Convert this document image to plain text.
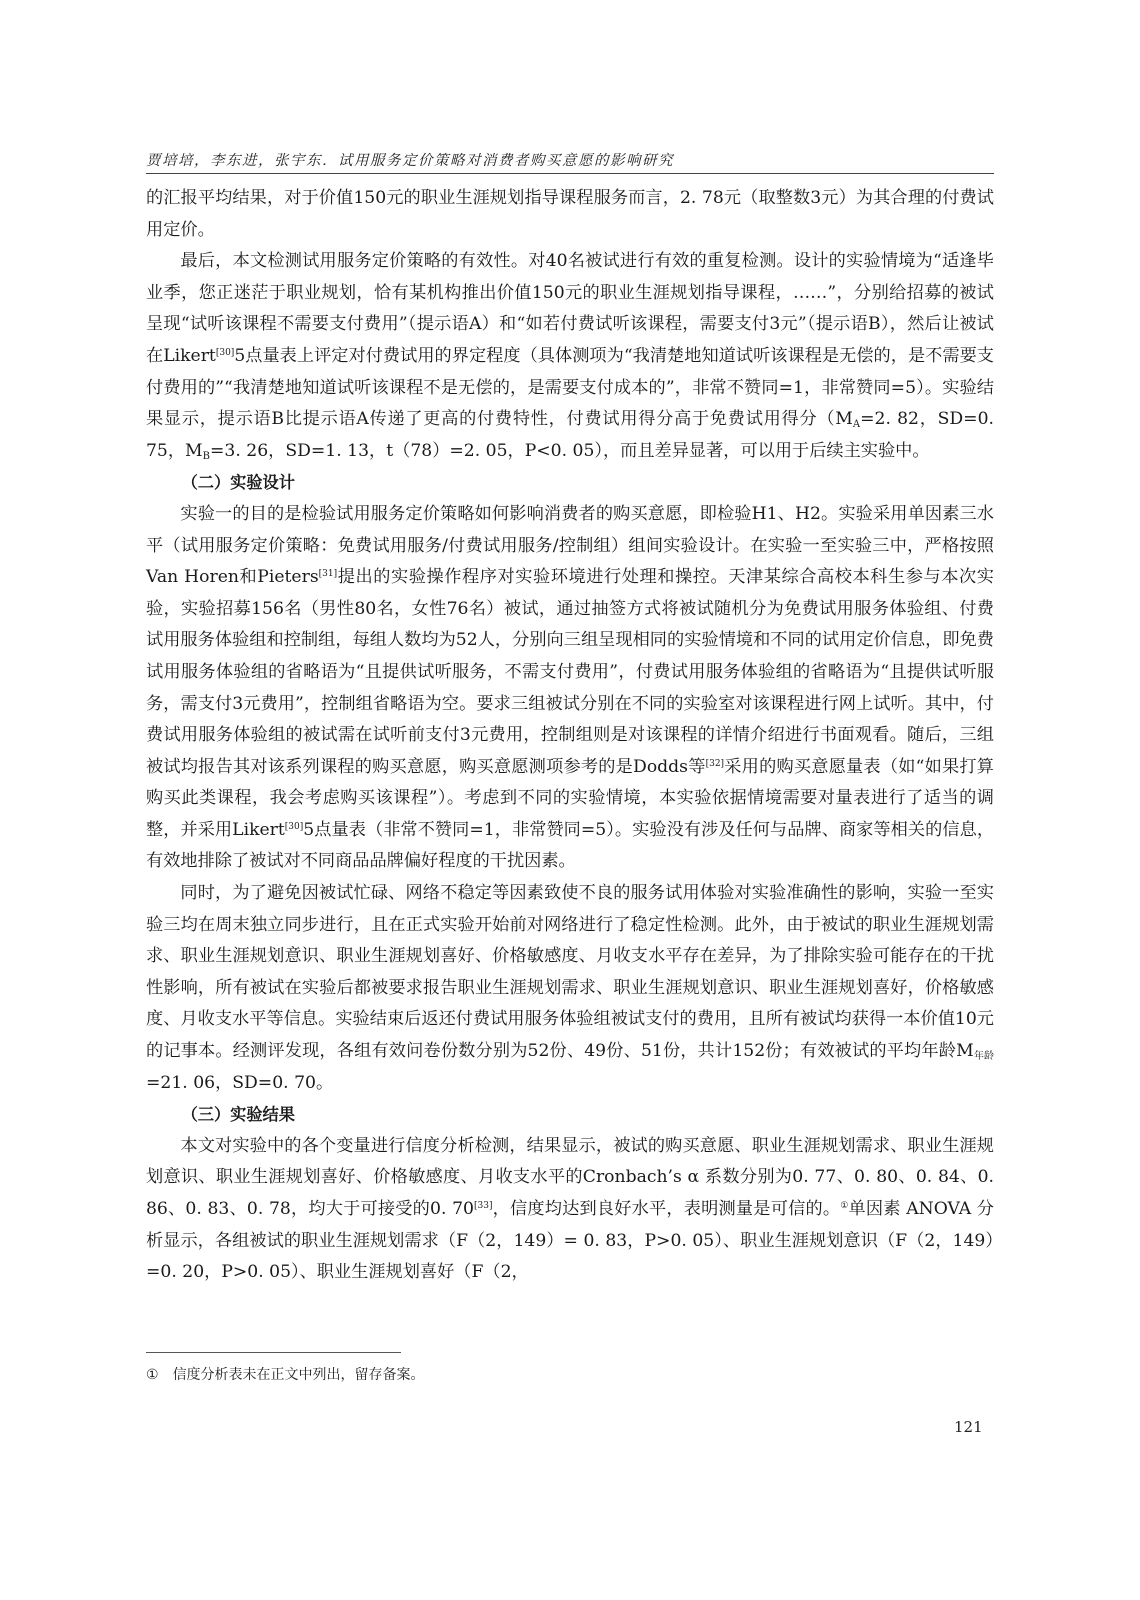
贾培培，李东进，张宇东．试用服务定价策略对消费者购买意愿的影响研究

的汇报平均结果，对于价值150元的职业生涯规划指导课程服务而言，2. 78元（取整数3元）为其合理的付费试用定价。

最后，本文检测试用服务定价策略的有效性。对40名被试进行有效的重复检测。设计的实验情境为“适逢毕业季，您正迷茫于职业规划，恰有某机构推出价值150元的职业生涯规划指导课程，……”，分别给招募的被试呈现“试听该课程不需要支付费用”（提示语A）和“如若付费试听该课程，需要支付3元”（提示语B），然后让被试在Likert[30]5点量表上评定对付费试用的界定程度（具体测项为“我清楚地知道试听该课程是无偿的，是不需要支付费用的”“我清楚地知道试听该课程不是无偿的，是需要支付成本的”，非常不赞同=1，非常赞同=5）。实验结果显示，提示语B比提示语A传递了更高的付费特性，付费试用得分高于免费试用得分（$M_A=2$. 82，SD=0. 75，$M_B=3$. 26，SD=1. 13，t（78）=2. 05，P<0. 05），而且差异显著，可以用于后续主实验中。

（二）实验设计

实验一的目的是检验试用服务定价策略如何影响消费者的购买意愿，即检验H1、H2。实验采用单因素三水平（试用服务定价策略：免费试用服务/付费试用服务/控制组）组间实验设计。在实验一至实验三中，严格按照Van Horen和Pieters[31]提出的实验操作程序对实验环境进行处理和操控。天津某综合高校本科生参与本次实验，实验招募156名（男性80名，女性76名）被试，通过抽签方式将被试随机分为免费试用服务体验组、付费试用服务体验组和控制组，每组人数均为52人，分别向三组呈现相同的实验情境和不同的试用定价信息，即免费试用服务体验组的省略语为“且提供试听服务，不需支付费用”，付费试用服务体验组的省略语为“且提供试听服务，需支付3元费用”，控制组省略语为空。要求三组被试分别在不同的实验室对该课程进行网上试听。其中，付费试用服务体验组的被试需在试听前支付3元费用，控制组则是对该课程的详情介绍进行书面观看。随后，三组被试均报告其对该系列课程的购买意愿，购买意愿测项参考的是Dodds等[32]采用的购买意愿量表（如“如果打算购买此类课程，我会考虑购买该课程”）。考虑到不同的实验情境，本实验依据情境需要对量表进行了适当的调整，并采用Likert[30]5点量表（非常不赞同=1，非常赞同=5）。实验没有涉及任何与品牌、商家等相关的信息，有效地排除了被试对不同商品品牌偏好程度的干扰因素。

同时，为了避免因被试忙碌、网络不稳定等因素致使不良的服务试用体验对实验准确性的影响，实验一至实验三均在周末独立同步进行，且在正式实验开始前对网络进行了稳定性检测。此外，由于被试的职业生涯规划需求、职业生涯规划意识、职业生涯规划喜好、价格敏感度、月收支水平存在差异，为了排除实验可能存在的干扰性影响，所有被试在实验后都被要求报告职业生涯规划需求、职业生涯规划意识、职业生涯规划喜好，价格敏感度、月收支水平等信息。实验结束后返还付费试用服务体验组被试支付的费用，且所有被试均获得一本价值10元的记事本。经测评发现，各组有效问卷份数分别为52份、49份、51份，共计152份；有效被试的平均年龄$M_{年龄}=21$. 06，SD=0. 70。

（三）实验结果

本文对实验中的各个变量进行信度分析检测，结果显示，被试的购买意愿、职业生涯规划需求、职业生涯规划意识、职业生涯规划喜好、价格敏感度、月收支水平的Cronbach’s α 系数分别为0. 77、0. 80、0. 84、0. 86、0. 83、0. 78，均大于可接受的0. 70[33]，信度均达到良好水平，表明测量是可信的。①单因素 ANOVA 分析显示，各组被试的职业生涯规划需求（F（2，149）= 0. 83，P>0. 05）、职业生涯规划意识（F（2，149）=0. 20，P>0. 05）、职业生涯规划喜好（F（2，

① 信度分析表未在正文中列出，留存备案。
121
